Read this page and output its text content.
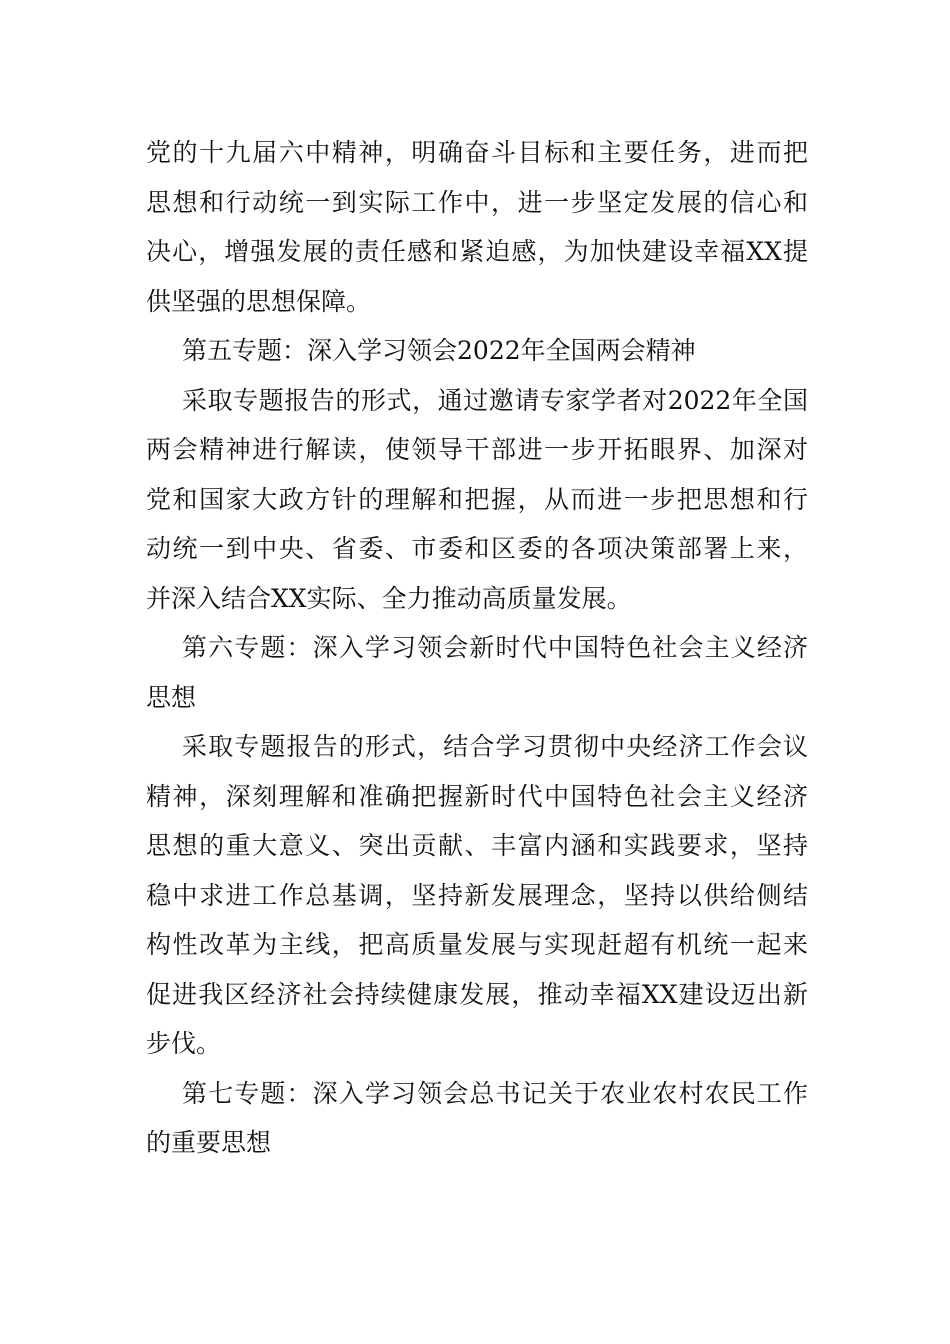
党的十九届六中精神，明确奋斗目标和主要任务，进而把
思想和行动统一到实际工作中，进一步坚定发展的信心和
决心，增强发展的责任感和紧迫感，为加快建设幸福XX提
供坚强的思想保障。
第五专题：深入学习领会2022年全国两会精神
采取专题报告的形式，通过邀请专家学者对2022年全国
两会精神进行解读，使领导干部进一步开拓眼界、加深对
党和国家大政方针的理解和把握，从而进一步把思想和行
动统一到中央、省委、市委和区委的各项决策部署上来，
并深入结合XX实际、全力推动高质量发展。
第六专题：深入学习领会新时代中国特色社会主义经济
思想
采取专题报告的形式，结合学习贯彻中央经济工作会议
精神，深刻理解和准确把握新时代中国特色社会主义经济
思想的重大意义、突出贡献、丰富内涵和实践要求，坚持
稳中求进工作总基调，坚持新发展理念，坚持以供给侧结
构性改革为主线，把高质量发展与实现赶超有机统一起来
促进我区经济社会持续健康发展，推动幸福XX建设迈出新
步伐。
第七专题：深入学习领会总书记关于农业农村农民工作
的重要思想
